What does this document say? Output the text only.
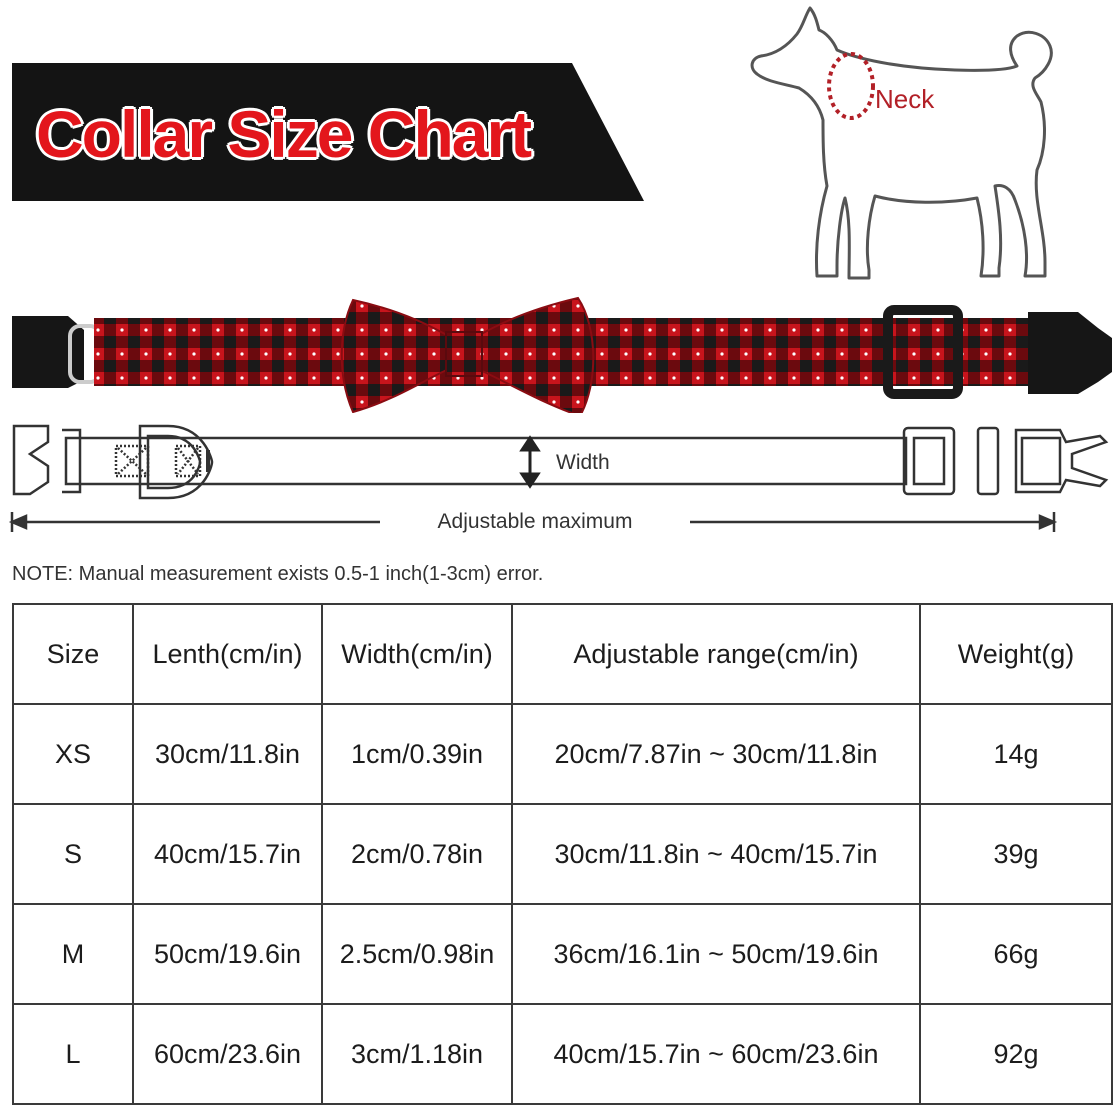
Collar Size Chart	Neck
Width
Adjustable maximum
NOTE: Manual measurement exists 0.5-1 inch(1-3cm) error.
Size	Lenth(cm/in)	Width(cm/in)	Adjustable range(cm/in)	Weight(g)
XS	30cm/11.8in	1cm/0.39in	20cm/7.87in ~ 30cm/11.8in	14g
S	40cm/15.7in	2cm/0.78in	30cm/11.8in ~ 40cm/15.7in	39g
M	50cm/19.6in	2.5cm/0.98in	36cm/16.1in ~ 50cm/19.6in	66g
L	60cm/23.6in	3cm/1.18in	40cm/15.7in ~ 60cm/23.6in	92g
